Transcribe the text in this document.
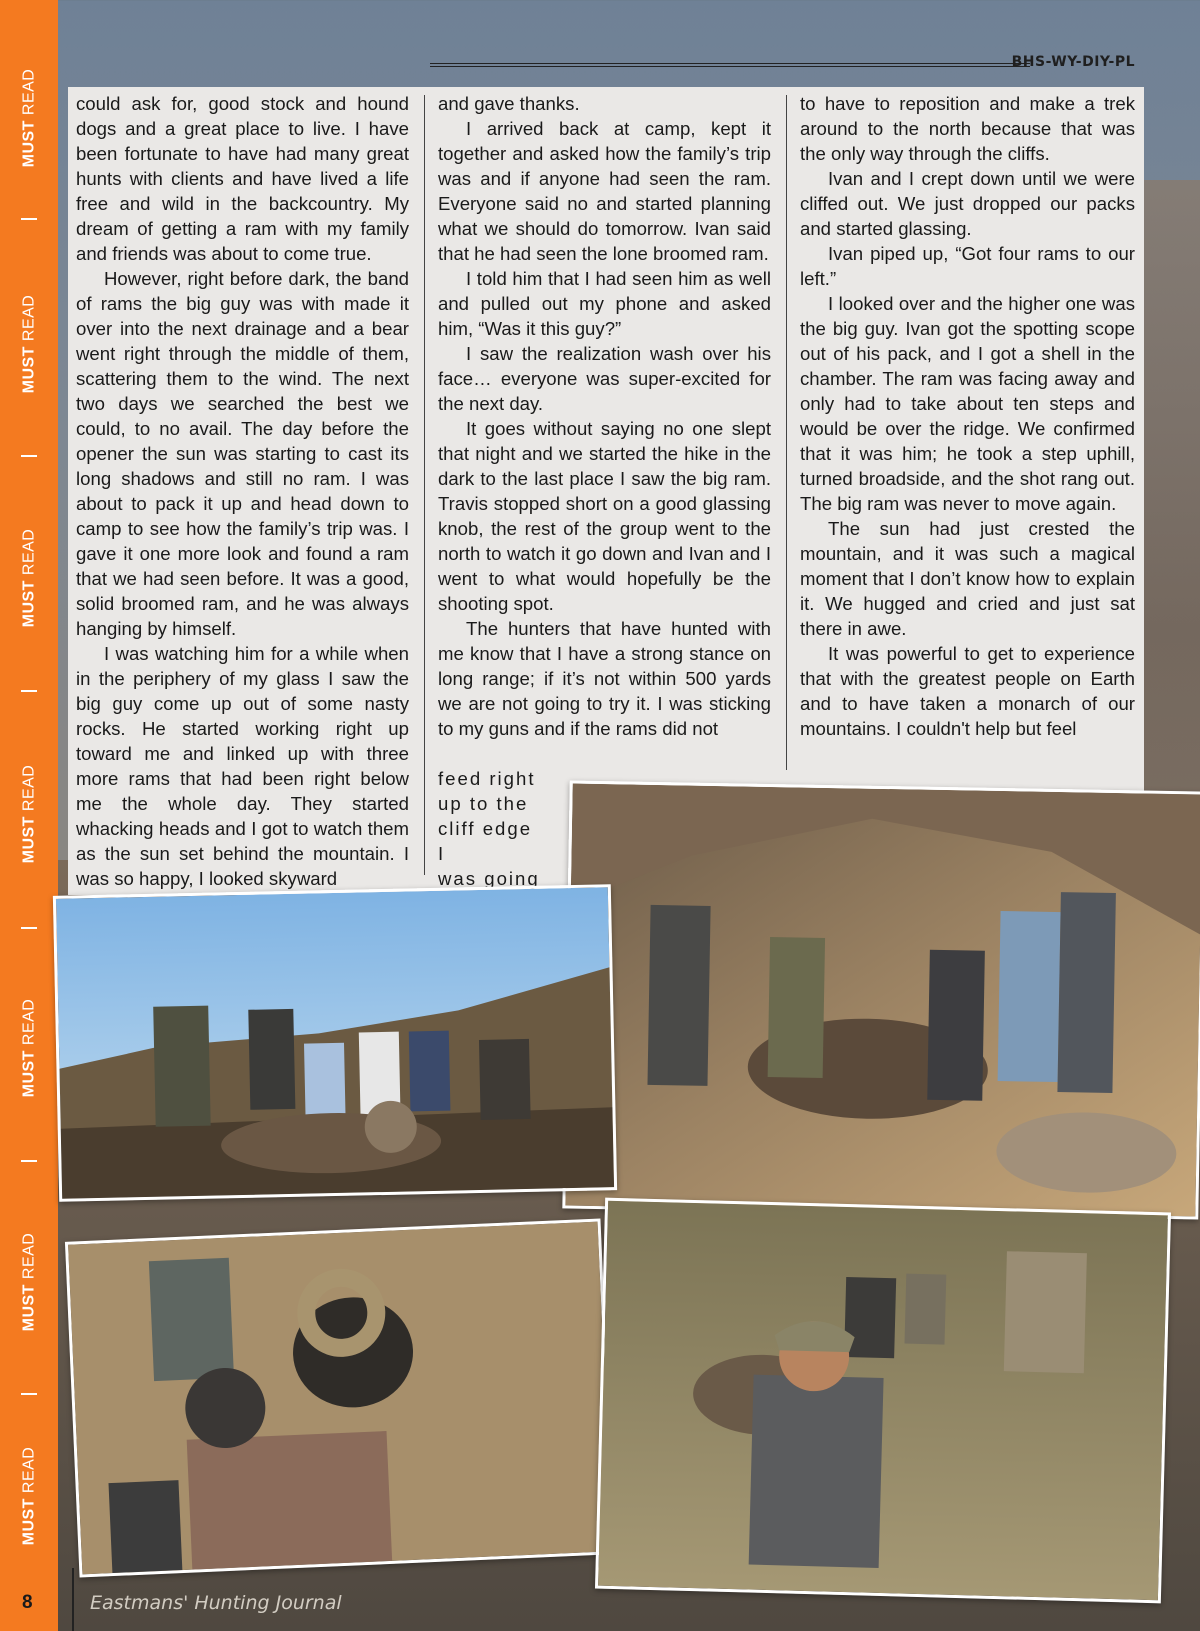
MUST READ
MUST READ
MUST READ
MUST READ
MUST READ
MUST READ
MUST READ
BHS-WY-DIY-PL

could ask for, good stock and hound dogs and a great place to live. I have been fortunate to have had many great hunts with clients and have lived a life free and wild in the backcountry. My dream of getting a ram with my family and friends was about to come true.

However, right before dark, the band of rams the big guy was with made it over into the next drainage and a bear went right through the middle of them, scattering them to the wind. The next two days we searched the best we could, to no avail. The day before the opener the sun was starting to cast its long shadows and still no ram. I was about to pack it up and head down to camp to see how the family’s trip was. I gave it one more look and found a ram that we had seen before. It was a good, solid broomed ram, and he was always hanging by himself.

I was watching him for a while when in the periphery of my glass I saw the big guy come up out of some nasty rocks. He started working right up toward me and linked up with three more rams that had been right below me the whole day. They started whacking heads and I got to watch them as the sun set behind the mountain. I was so happy, I looked skyward

and gave thanks.

I arrived back at camp, kept it together and asked how the family’s trip was and if anyone had seen the ram. Everyone said no and started planning what we should do tomorrow. Ivan said that he had seen the lone broomed ram.

I told him that I had seen him as well and pulled out my phone and asked him, “Was it this guy?”

I saw the realization wash over his face… everyone was super-excited for the next day.

It goes without saying no one slept that night and we started the hike in the dark to the last place I saw the big ram. Travis stopped short on a good glassing knob, the rest of the group went to the north to watch it go down and Ivan and I went to what would hopefully be the shooting spot.

The hunters that have hunted with me know that I have a strong stance on long range; if it’s not within 500 yards we are not going to try it. I was sticking to my guns and if the rams did not

feed right

up to the

cliff edge I

was going

to have to reposition and make a trek around to the north because that was the only way through the cliffs.

Ivan and I crept down until we were cliffed out. We just dropped our packs and started glassing.

Ivan piped up, “Got four rams to our left.”

I looked over and the higher one was the big guy. Ivan got the spotting scope out of his pack, and I got a shell in the chamber. The ram was facing away and only had to take about ten steps and would be over the ridge. We confirmed that it was him; he took a step uphill, turned broadside, and the shot rang out. The big ram was never to move again.

The sun had just crested the mountain, and it was such a magical moment that I don’t know how to explain it. We hugged and cried and just sat there in awe.

It was powerful to get to experience that with the greatest people on Earth and to have taken a monarch of our mountains. I couldn't help but feel

8	Eastmans' Hunting Journal
